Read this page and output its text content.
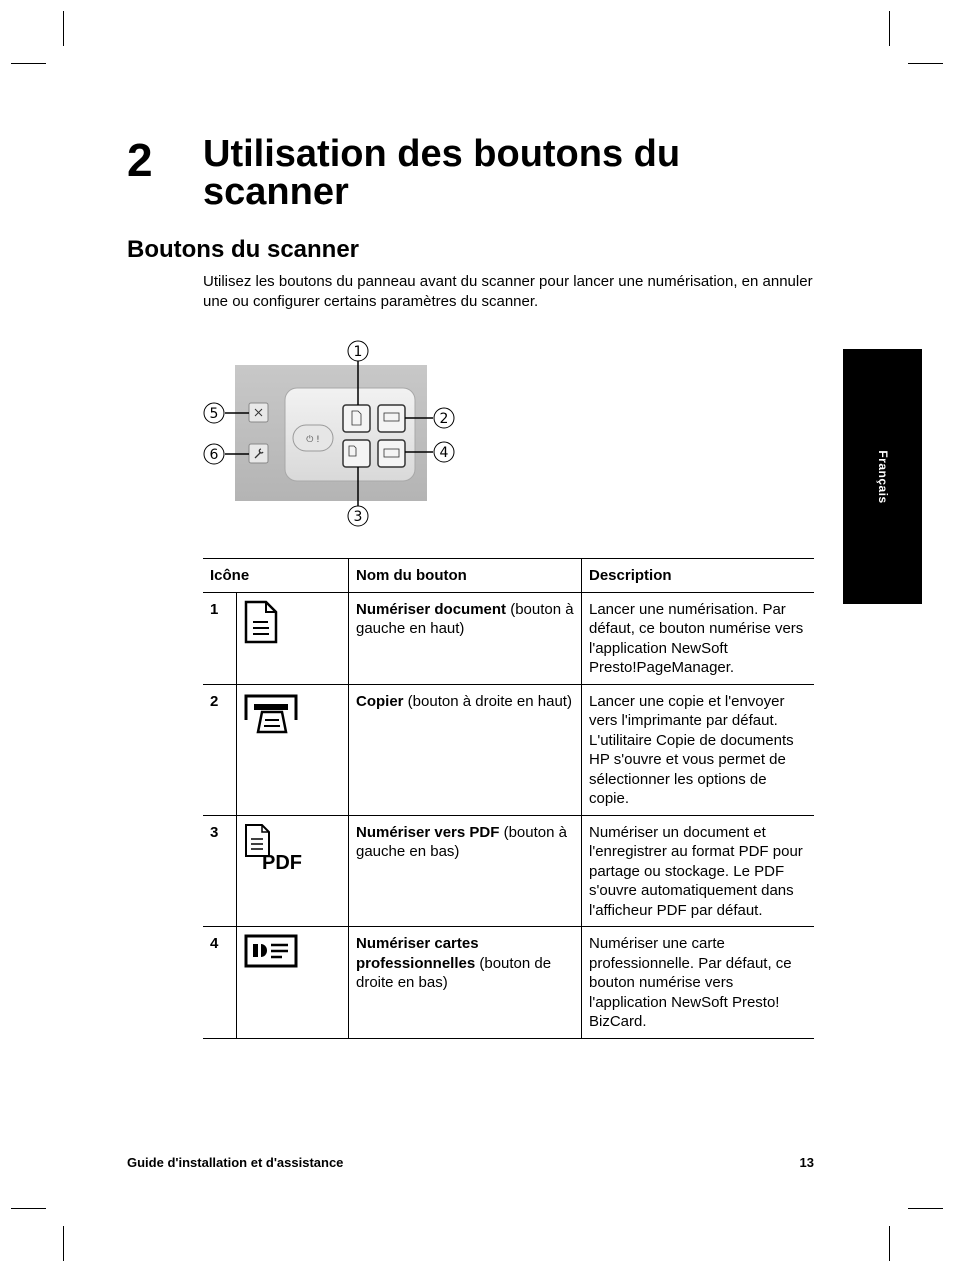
2 Utilisation des boutons du scanner
Boutons du scanner
Utilisez les boutons du panneau avant du scanner pour lancer une numérisation, en annuler une ou configurer certains paramètres du scanner.
Français
⏻ !
1
2
3
4
5
6
Icône		Nom du bouton	Description
1		Numériser document (bouton à gauche en haut)	Lancer une numérisation. Par défaut, ce bouton numérise vers l'application NewSoft Presto!PageManager.
2		Copier (bouton à droite en haut)	Lancer une copie et l'envoyer vers l'imprimante par défaut. L'utilitaire Copie de documents HP s'ouvre et vous permet de sélectionner les options de copie.
3	PDF	Numériser vers PDF (bouton à gauche en bas)	Numériser un document et l'enregistrer au format PDF pour partage ou stockage. Le PDF s'ouvre automatiquement dans l'afficheur PDF par défaut.
4		Numériser cartes professionnelles (bouton de droite en bas)	Numériser une carte professionnelle. Par défaut, ce bouton numérise vers l'application NewSoft Presto! BizCard.
Guide d'installation et d'assistance	13
